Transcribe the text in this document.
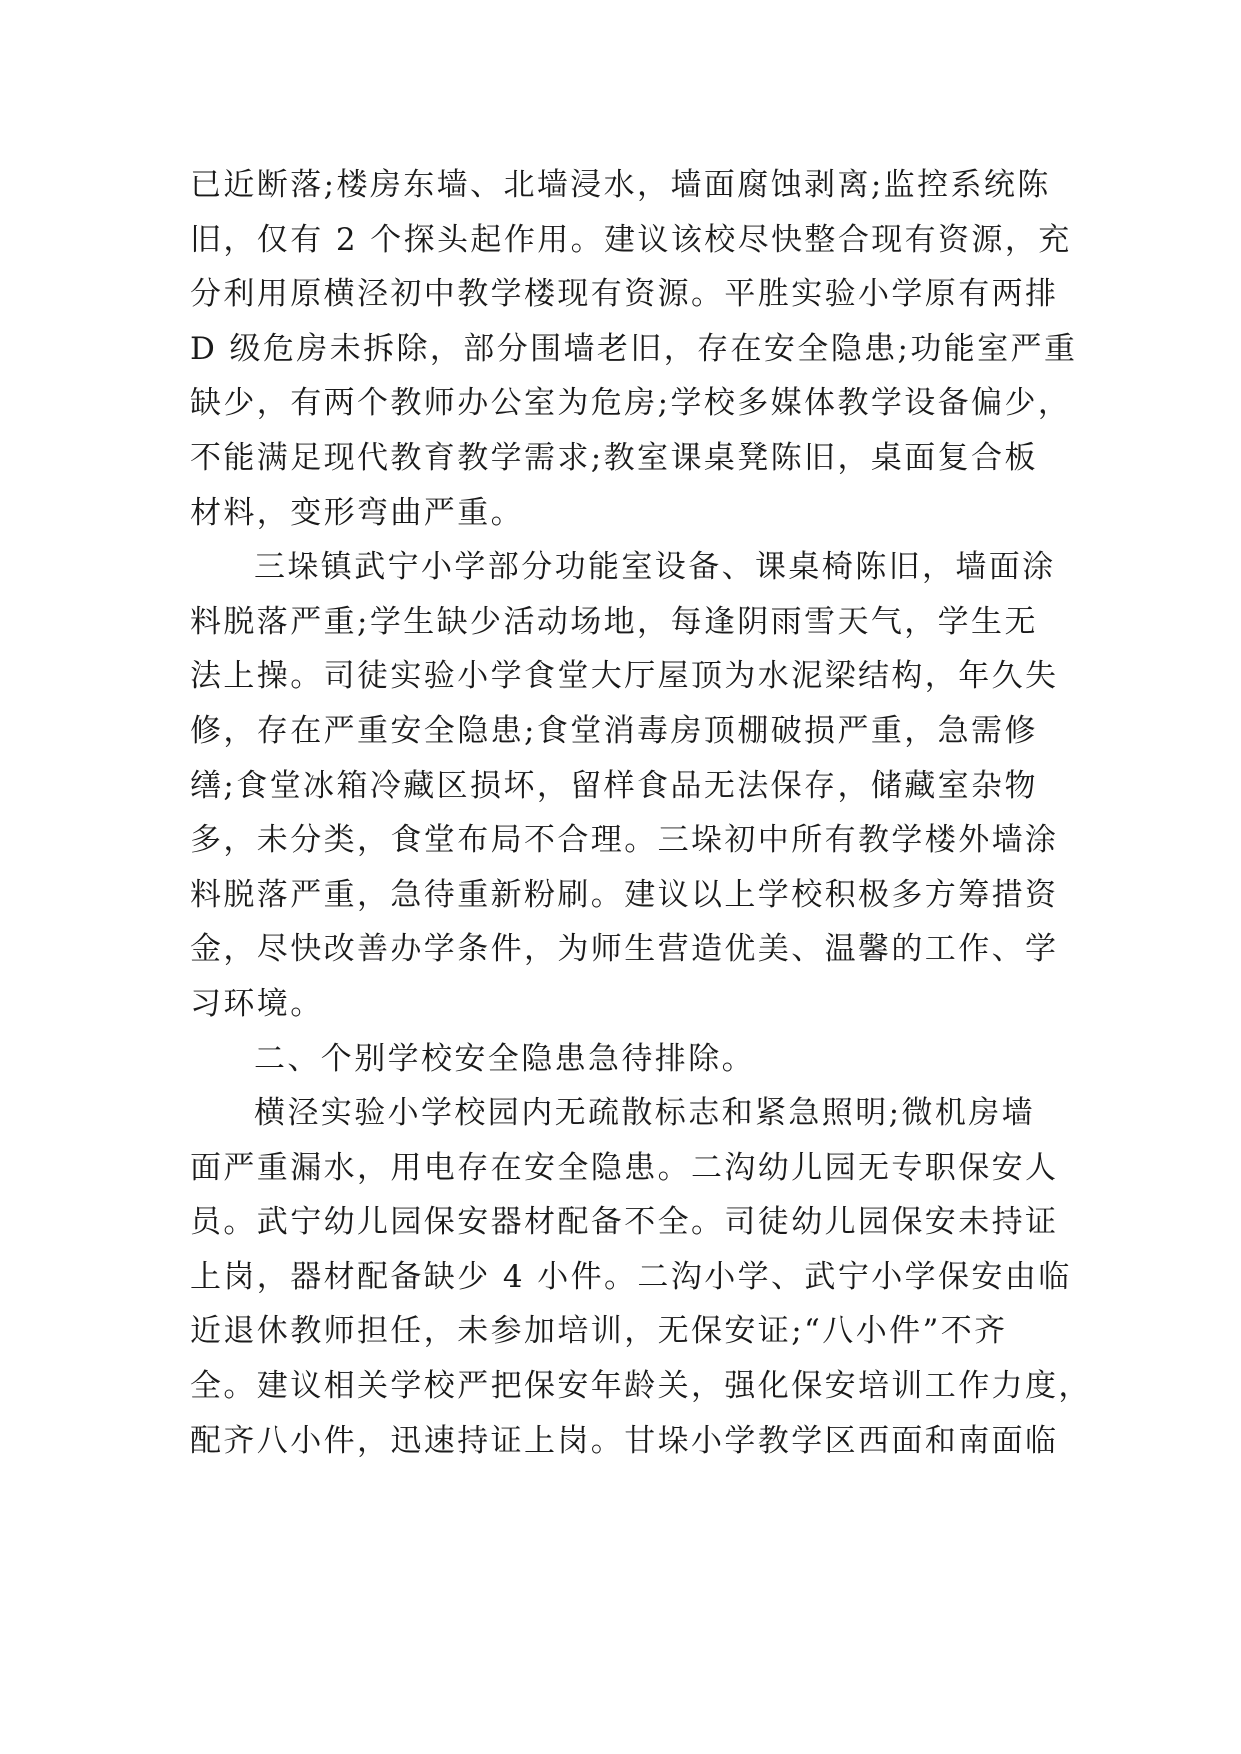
已近断落;楼房东墙、北墙浸水，墙面腐蚀剥离;监控系统陈
旧，仅有 2 个探头起作用。建议该校尽快整合现有资源，充
分利用原横泾初中教学楼现有资源。平胜实验小学原有两排
D 级危房未拆除，部分围墙老旧，存在安全隐患;功能室严重
缺少，有两个教师办公室为危房;学校多媒体教学设备偏少，
不能满足现代教育教学需求;教室课桌凳陈旧，桌面复合板
材料，变形弯曲严重。

三垛镇武宁小学部分功能室设备、课桌椅陈旧，墙面涂
料脱落严重;学生缺少活动场地，每逢阴雨雪天气，学生无
法上操。司徒实验小学食堂大厅屋顶为水泥梁结构，年久失
修，存在严重安全隐患;食堂消毒房顶棚破损严重，急需修
缮;食堂冰箱冷藏区损坏，留样食品无法保存，储藏室杂物
多，未分类，食堂布局不合理。三垛初中所有教学楼外墙涂
料脱落严重，急待重新粉刷。建议以上学校积极多方筹措资
金，尽快改善办学条件，为师生营造优美、温馨的工作、学
习环境。

二、个别学校安全隐患急待排除。

横泾实验小学校园内无疏散标志和紧急照明;微机房墙
面严重漏水，用电存在安全隐患。二沟幼儿园无专职保安人
员。武宁幼儿园保安器材配备不全。司徒幼儿园保安未持证
上岗，器材配备缺少 4 小件。二沟小学、武宁小学保安由临
近退休教师担任，未参加培训，无保安证;“八小件”不齐
全。建议相关学校严把保安年龄关，强化保安培训工作力度，
配齐八小件，迅速持证上岗。甘垛小学教学区西面和南面临
